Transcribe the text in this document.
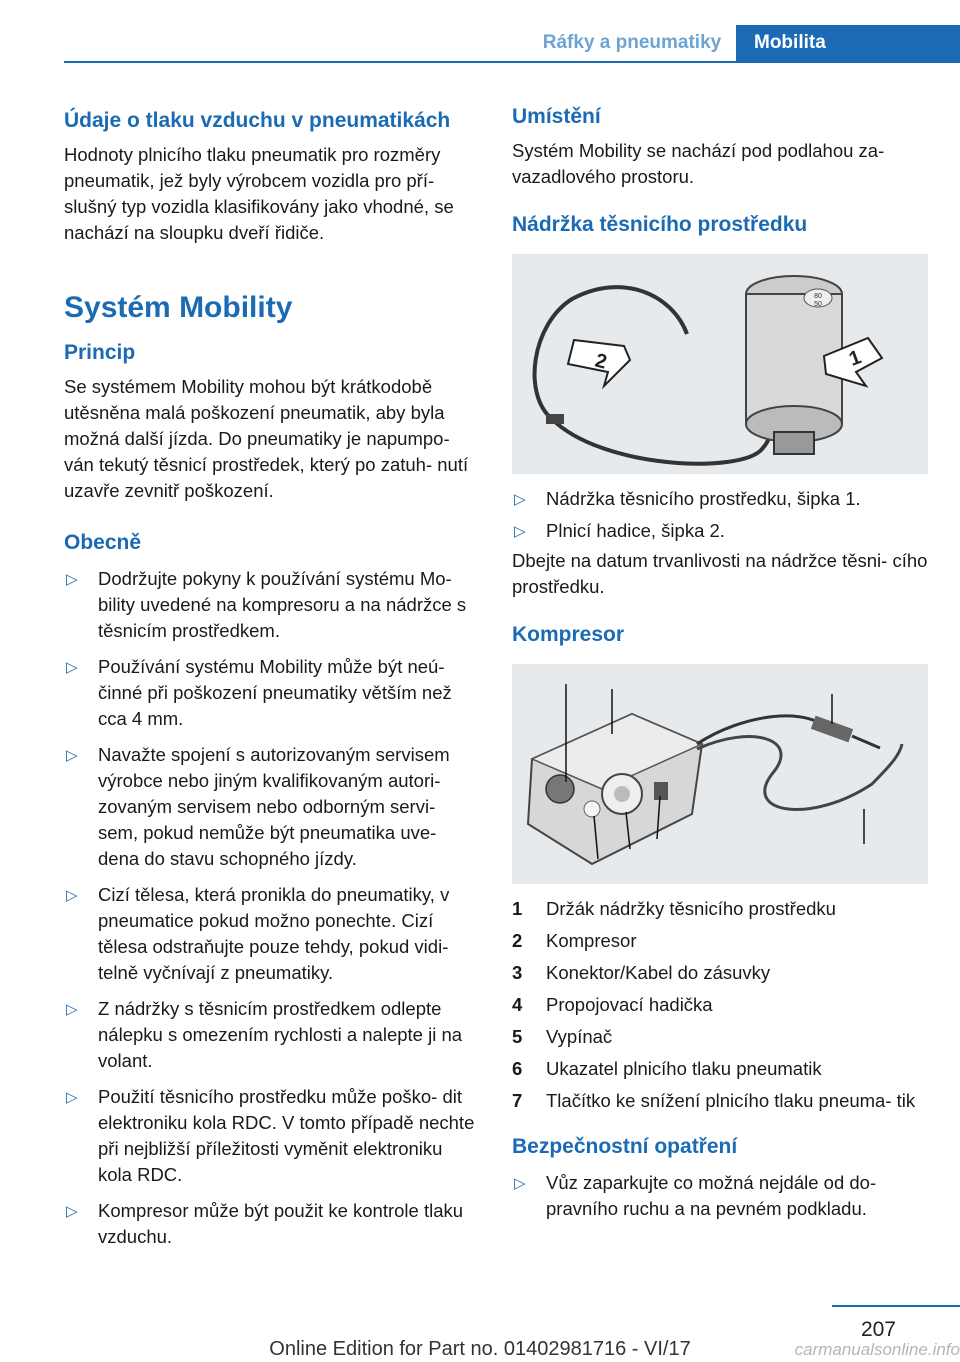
Ráfky a pneumatiky	Mobilita
Údaje o tlaku vzduchu v pneumatikách

Hodnoty plnicího tlaku pneumatik pro rozměry pneumatik, jež byly výrobcem vozidla pro pří- slušný typ vozidla klasifikovány jako vhodné, se nachází na sloupku dveří řidiče.

Systém Mobility
Princip

Se systémem Mobility mohou být krátkodobě utěsněna malá poškození pneumatik, aby byla možná další jízda. Do pneumatiky je napumpo- ván tekutý těsnicí prostředek, který po zatuh- nutí uzavře zevnitř poškození.

Obecně
▷ Dodržujte pokyny k používání systému Mo- bility uvedené na kompresoru a na nádržce s těsnicím prostředkem.
▷ Používání systému Mobility může být neú- činné při poškození pneumatiky větším než cca 4 mm.
▷ Navažte spojení s autorizovaným servisem výrobce nebo jiným kvalifikovaným autori- zovaným servisem nebo odborným servi- sem, pokud nemůže být pneumatika uve- dena do stavu schopného jízdy.
▷ Cizí tělesa, která pronikla do pneumatiky, v pneumatice pokud možno ponechte. Cizí tělesa odstraňujte pouze tehdy, pokud vidi- telně vyčnívají z pneumatiky.
▷ Z nádržky s těsnicím prostředkem odlepte nálepku s omezením rychlosti a nalepte ji na volant.
▷ Použití těsnicího prostředku může poško- dit elektroniku kola RDC. V tomto případě nechte při nejbližší příležitosti vyměnit elektroniku kola RDC.
▷ Kompresor může být použit ke kontrole tlaku vzduchu.
Umístění

Systém Mobility se nachází pod podlahou za- vazadlového prostoru.

Nádržka těsnicího prostředku
80
50
2	1
▷ Nádržka těsnicího prostředku, šipka 1.
▷ Plnicí hadice, šipka 2.

Dbejte na datum trvanlivosti na nádržce těsni- cího prostředku.

Kompresor
1 Držák nádržky těsnicího prostředku
2 Kompresor
3 Konektor/Kabel do zásuvky
4 Propojovací hadička
5 Vypínač
6 Ukazatel plnicího tlaku pneumatik
7 Tlačítko ke snížení plnicího tlaku pneuma- tik
Bezpečnostní opatření
▷ Vůz zaparkujte co možná nejdále od do- pravního ruchu a na pevném podkladu.
207
Online Edition for Part no. 01402981716 - VI/17	carmanualsonline.info
